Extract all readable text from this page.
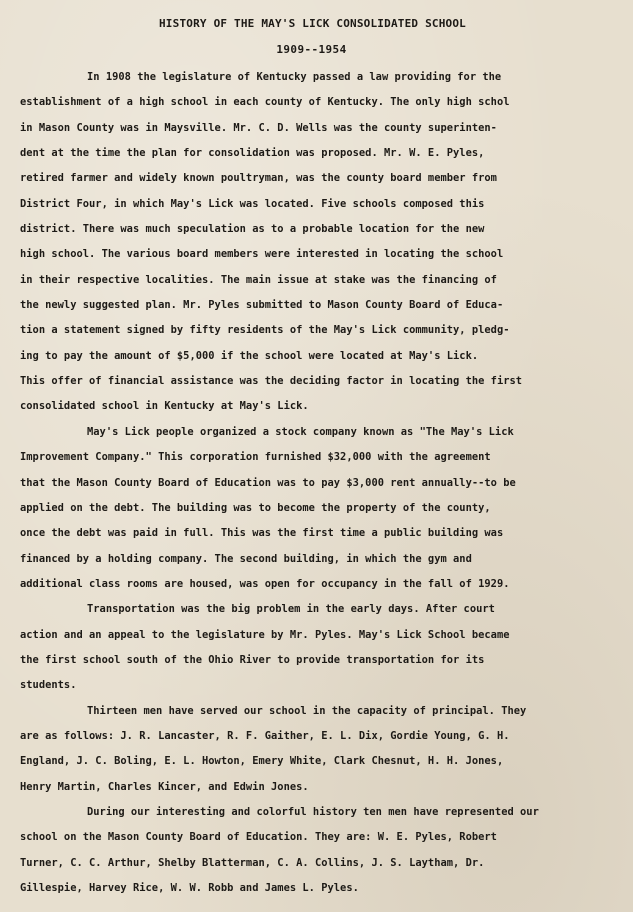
HISTORY OF THE MAY'S LICK CONSOLIDATED SCHOOL
1909--1954
In 1908 the legislature of Kentucky passed a law providing for the
establishment of a high school in each county of Kentucky. The only high schol
in Mason County was in Maysville. Mr. C. D. Wells was the county superinten-
dent at the time the plan for consolidation was proposed. Mr. W. E. Pyles,
retired farmer and widely known poultryman, was the county board member from
District Four, in which May's Lick was located. Five schools composed this
district. There was much speculation as to a probable location for the new
high school. The various board members were interested in locating the school
in their respective localities. The main issue at stake was the financing of
the newly suggested plan. Mr. Pyles submitted to Mason County Board of Educa-
tion a statement signed by fifty residents of the May's Lick community, pledg-
ing to pay the amount of $5,000 if the school were located at May's Lick.
This offer of financial assistance was the deciding factor in locating the first
consolidated school in Kentucky at May's Lick.
May's Lick people organized a stock company known as "The May's Lick
Improvement Company." This corporation furnished $32,000 with the agreement
that the Mason County Board of Education was to pay $3,000 rent annually--to be
applied on the debt. The building was to become the property of the county,
once the debt was paid in full. This was the first time a public building was
financed by a holding company. The second building, in which the gym and
additional class rooms are housed, was open for occupancy in the fall of 1929.
Transportation was the big problem in the early days. After court
action and an appeal to the legislature by Mr. Pyles. May's Lick School became
the first school south of the Ohio River to provide transportation for its
students.
Thirteen men have served our school in the capacity of principal. They
are as follows: J. R. Lancaster, R. F. Gaither, E. L. Dix, Gordie Young, G. H.
England, J. C. Boling, E. L. Howton, Emery White, Clark Chesnut, H. H. Jones,
Henry Martin, Charles Kincer, and Edwin Jones.
During our interesting and colorful history ten men have represented our
school on the Mason County Board of Education. They are: W. E. Pyles, Robert
Turner, C. C. Arthur, Shelby Blatterman, C. A. Collins, J. S. Laytham, Dr.
Gillespie, Harvey Rice, W. W. Robb and James L. Pyles.
